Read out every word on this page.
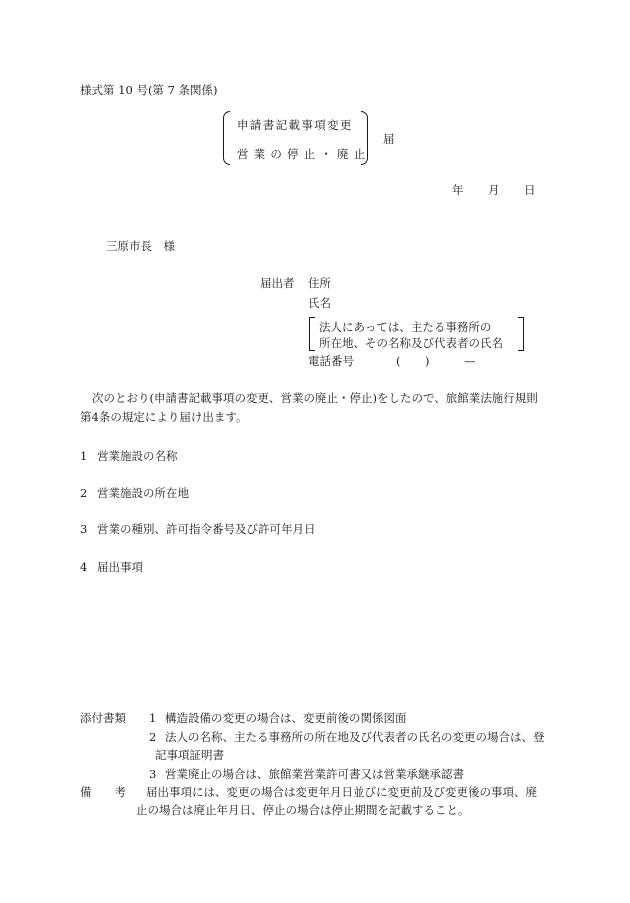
様式第 10 号(第 7 条関係)
申請書記載事項変更
営業の停止・廃止
届
年 月 日
三原市長　様
届出者 住所
氏名
法人にあっては、主たる事務所の
所在地、その名称及び代表者の氏名
電話番号	( )	—
次のとおり(申請書記載事項の変更、営業の廃止・停止)をしたので、旅館業法施行規則
第4条の規定により届け出ます。
1 営業施設の名称
2 営業施設の所在地
3 営業の種別、許可指令番号及び許可年月日
4 届出事項
添付書類 1 構造設備の変更の場合は、変更前後の関係図面
2 法人の名称、主たる事務所の所在地及び代表者の氏名の変更の場合は、登
記事項証明書
3 営業廃止の場合は、旅館業営業許可書又は営業承継承認書
備　　考 届出事項には、変更の場合は変更年月日並びに変更前及び変更後の事項、廃
止の場合は廃止年月日、停止の場合は停止期間を記載すること。
